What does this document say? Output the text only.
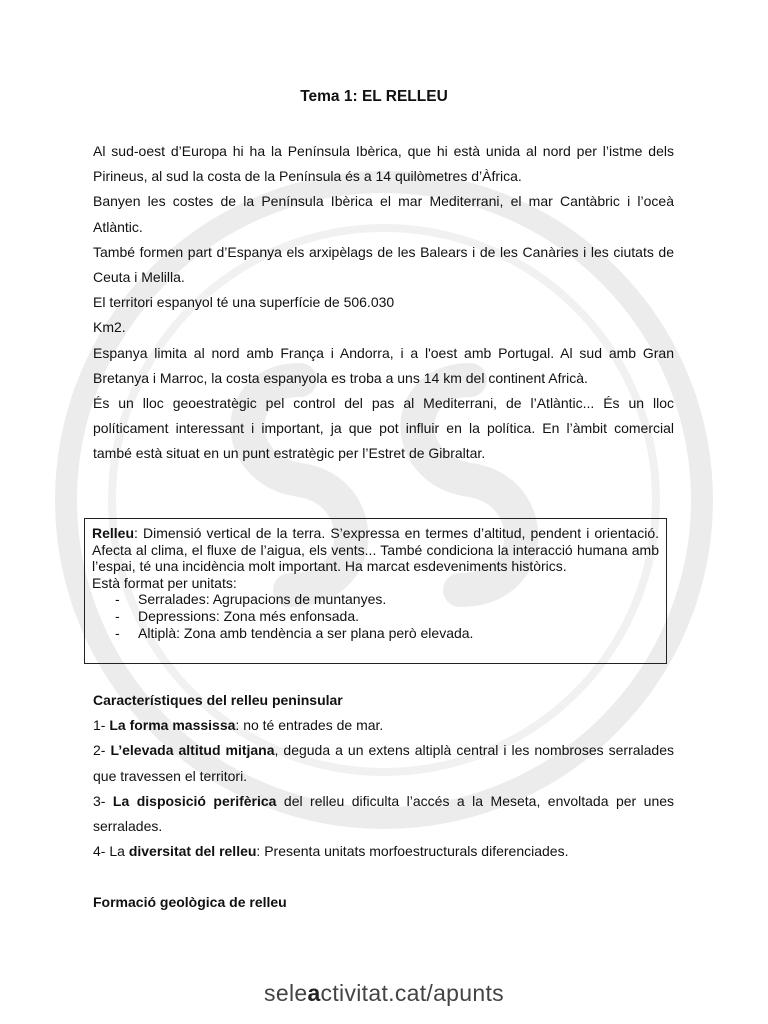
Tema 1: EL RELLEU

Al sud-oest d’Europa hi ha la Península Ibèrica, que hi està unida al nord per l’istme dels Pirineus, al sud la costa de la Península és a 14 quilòmetres d’Àfrica.

Banyen les costes de la Península Ibèrica el mar Mediterrani, el mar Cantàbric i l’oceà Atlàntic.

També formen part d’Espanya els arxipèlags de les Balears i de les Canàries i les ciutats de Ceuta i Melilla.

El territori espanyol té una superfície de 506.030

Km2.

Espanya limita al nord amb França i Andorra, i a l'oest amb Portugal. Al sud amb Gran Bretanya i Marroc, la costa espanyola es troba a uns 14 km del continent Africà.

És un lloc geoestratègic pel control del pas al Mediterrani, de l’Atlàntic... És un lloc políticament interessant i important, ja que pot influir en la política. En l’àmbit comercial també està situat en un punt estratègic per l’Estret de Gibraltar.

Relleu: Dimensió vertical de la terra. S’expressa en termes d’altitud, pendent i orientació. Afecta al clima, el fluxe de l’aigua, els vents... També condiciona la interacció humana amb l’espai, té una incidència molt important. Ha marcat esdeveniments històrics.

Està format per unitats:

- Serralades: Agrupacions de muntanyes.
- Depressions: Zona més enfonsada.
- Altiplà: Zona amb tendència a ser plana però elevada.

Característiques del relleu peninsular

1- La forma massissa: no té entrades de mar.

2- L’elevada altitud mitjana, deguda a un extens altiplà central i les nombroses serralades que travessen el territori.

3- La disposició perifèrica del relleu dificulta l’accés a la Meseta, envoltada per unes serralades.

4- La diversitat del relleu: Presenta unitats morfoestructurals diferenciades.

Formació geològica de relleu

seleactivitat.cat/apunts
